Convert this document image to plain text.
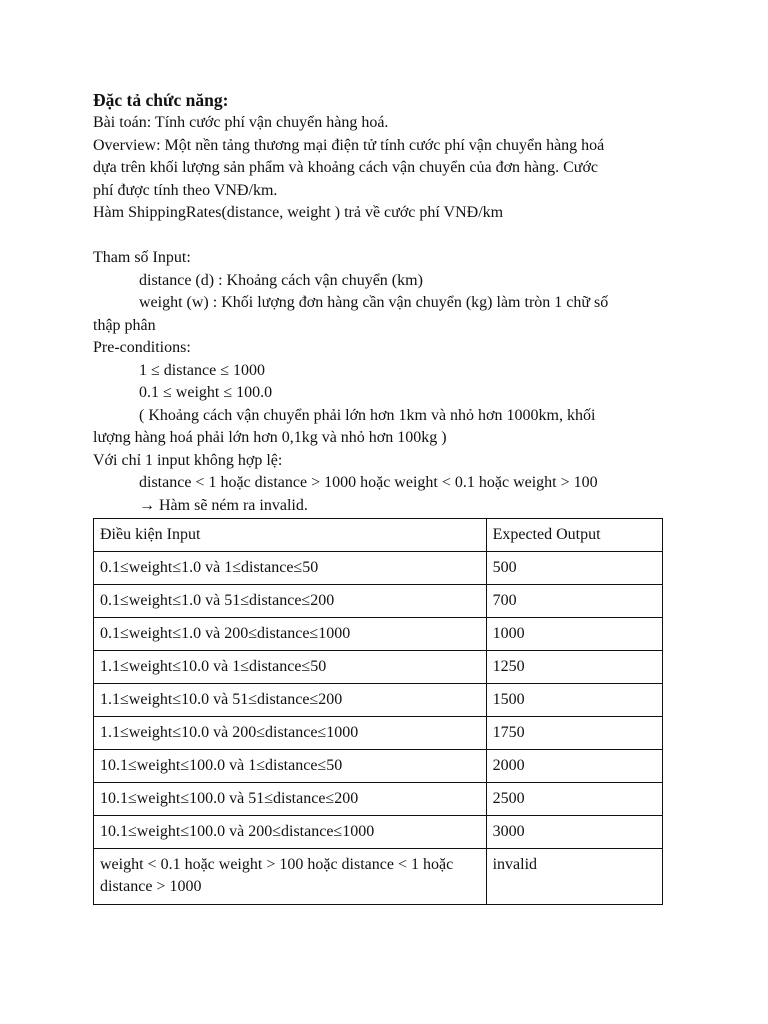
Đặc tả chức năng:
Bài toán: Tính cước phí vận chuyển hàng hoá.
Overview: Một nền tảng thương mại điện tử tính cước phí vận chuyển hàng hoá
dựa trên khối lượng sản phẩm và khoảng cách vận chuyển của đơn hàng. Cước
phí được tính theo VNĐ/km.
Hàm ShippingRates(distance, weight ) trả về cước phí VNĐ/km
Tham số Input:
distance (d) : Khoảng cách vận chuyển (km)
weight (w) : Khối lượng đơn hàng cần vận chuyển (kg) làm tròn 1 chữ số
thập phân
Pre-conditions:
1 ≤ distance ≤ 1000
0.1 ≤ weight ≤ 100.0
( Khoảng cách vận chuyển phải lớn hơn 1km và nhỏ hơn 1000km, khối
lượng hàng hoá phải lớn hơn 0,1kg và nhỏ hơn 100kg )
Với chỉ 1 input không hợp lệ:
distance < 1 hoặc distance > 1000 hoặc weight < 0.1 hoặc weight > 100
→ Hàm sẽ ném ra invalid.
Điều kiện Input	Expected Output
0.1≤weight≤1.0 và 1≤distance≤50	500
0.1≤weight≤1.0 và 51≤distance≤200	700
0.1≤weight≤1.0 và 200≤distance≤1000	1000
1.1≤weight≤10.0 và 1≤distance≤50	1250
1.1≤weight≤10.0 và 51≤distance≤200	1500
1.1≤weight≤10.0 và 200≤distance≤1000	1750
10.1≤weight≤100.0 và 1≤distance≤50	2000
10.1≤weight≤100.0 và 51≤distance≤200	2500
10.1≤weight≤100.0 và 200≤distance≤1000	3000
weight < 0.1 hoặc weight > 100 hoặc distance < 1 hoặc distance > 1000	invalid
